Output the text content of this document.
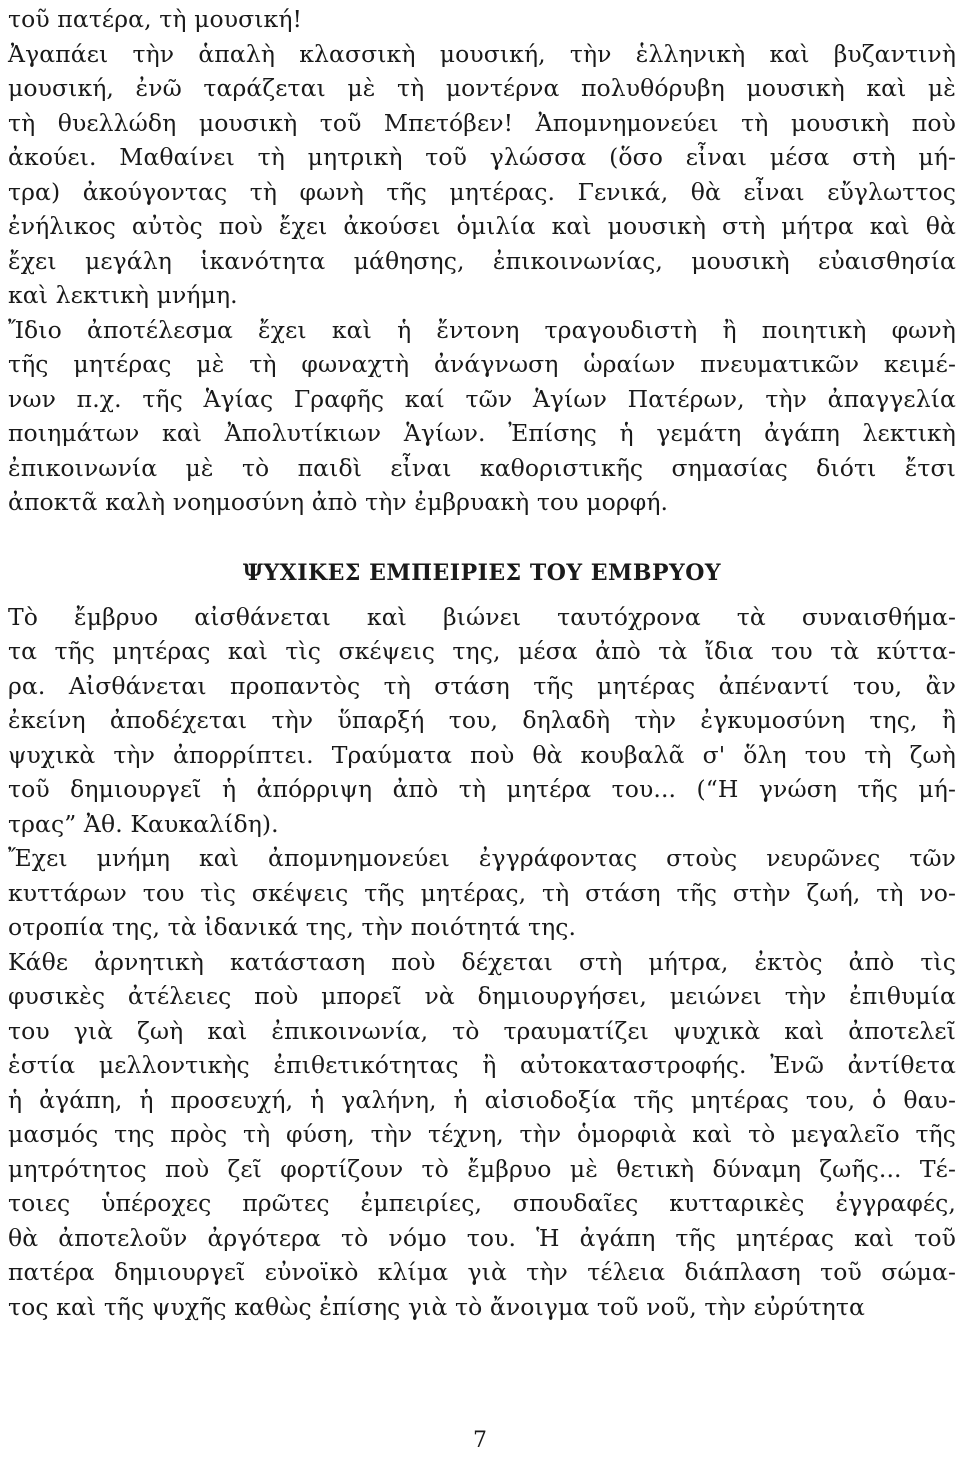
τοῦ πατέρα, τὴ μουσική!
Ἀγαπάει τὴν ἁπαλὴ κλασσικὴ μουσική, τὴν ἑλληνικὴ καὶ βυζαντινὴ
μουσική, ἐνῶ ταράζεται μὲ τὴ μοντέρνα πολυθόρυβη μουσικὴ καὶ μὲ
τὴ θυελλώδη μουσικὴ τοῦ Μπετόβεν! Ἀπομνημονεύει τὴ μουσικὴ ποὺ
ἀκούει. Μαθαίνει τὴ μητρικὴ τοῦ γλώσσα (ὅσο εἶναι μέσα στὴ μή-
τρα) ἀκούγοντας τὴ φωνὴ τῆς μητέρας. Γενικά, θὰ εἶναι εὔγλωττος
ἐνήλικος αὐτὸς ποὺ ἔχει ἀκούσει ὁμιλία καὶ μουσικὴ στὴ μήτρα καὶ θὰ
ἔχει μεγάλη ἱκανότητα μάθησης, ἐπικοινωνίας, μουσικὴ εὐαισθησία
καὶ λεκτικὴ μνήμη.
Ἴδιο ἀποτέλεσμα ἔχει καὶ ἡ ἔντονη τραγουδιστὴ ἢ ποιητικὴ φωνὴ
τῆς μητέρας μὲ τὴ φωναχτὴ ἀνάγνωση ὡραίων πνευματικῶν κειμέ-
νων π.χ. τῆς Ἁγίας Γραφῆς καί τῶν Ἁγίων Πατέρων, τὴν ἀπαγγελία
ποιημάτων καὶ Ἀπολυτίκιων Ἁγίων. Ἐπίσης ἡ γεμάτη ἀγάπη λεκτικὴ
ἐπικοινωνία μὲ τὸ παιδὶ εἶναι καθοριστικῆς σημασίας διότι ἔτσι
ἀποκτᾶ καλὴ νοημοσύνη ἀπὸ τὴν ἐμβρυακὴ του μορφή.
ΨΥΧΙΚΕΣ ΕΜΠΕΙΡΙΕΣ ΤΟΥ ΕΜΒΡΥΟΥ
Τὸ ἔμβρυο αἰσθάνεται καὶ βιώνει ταυτόχρονα τὰ συναισθήμα-
τα τῆς μητέρας καὶ τὶς σκέψεις της, μέσα ἀπὸ τὰ ἴδια του τὰ κύττα-
ρα. Αἰσθάνεται προπαντὸς τὴ στάση τῆς μητέρας ἀπέναντί του, ἂν
ἐκείνη ἀποδέχεται τὴν ὕπαρξή του, δηλαδὴ τὴν ἐγκυμοσύνη της, ἢ
ψυχικὰ τὴν ἀπορρίπτει. Τραύματα ποὺ θὰ κουβαλᾶ σ' ὅλη του τὴ ζωὴ
τοῦ δημιουργεῖ ἡ ἀπόρριψη ἀπὸ τὴ μητέρα του... (“Η γνώση τῆς μή-
τρας” Ἀθ. Καυκαλίδη).
Ἔχει μνήμη καὶ ἀπομνημονεύει ἐγγράφοντας στοὺς νευρῶνες τῶν
κυττάρων του τὶς σκέψεις τῆς μητέρας, τὴ στάση τῆς στὴν ζωή, τὴ νο-
οτροπία της, τὰ ἰδανικά της, τὴν ποιότητά της.
Κάθε ἀρνητικὴ κατάσταση ποὺ δέχεται στὴ μήτρα, ἐκτὸς ἀπὸ τὶς
φυσικὲς ἀτέλειες ποὺ μπορεῖ νὰ δημιουργήσει, μειώνει τὴν ἐπιθυμία
του γιὰ ζωὴ καὶ ἐπικοινωνία, τὸ τραυματίζει ψυχικὰ καὶ ἀποτελεῖ
ἑστία μελλοντικὴς ἐπιθετικότητας ἢ αὐτοκαταστροφής. Ἐνῶ ἀντίθετα
ἡ ἀγάπη, ἡ προσευχή, ἡ γαλήνη, ἡ αἰσιοδοξία τῆς μητέρας του, ὁ θαυ-
μασμός της πρὸς τὴ φύση, τὴν τέχνη, τὴν ὁμορφιὰ καὶ τὸ μεγαλεῖο τῆς
μητρότητος ποὺ ζεῖ φορτίζουν τὸ ἔμβρυο μὲ θετικὴ δύναμη ζωῆς... Τέ-
τοιες ὑπέροχες πρῶτες ἐμπειρίες, σπουδαῖες κυτταρικὲς ἐγγραφές,
θὰ ἀποτελοῦν ἀργότερα τὸ νόμο του. Ἡ ἀγάπη τῆς μητέρας καὶ τοῦ
πατέρα δημιουργεῖ εὐνοϊκὸ κλίμα γιὰ τὴν τέλεια διάπλαση τοῦ σώμα-
τος καὶ τῆς ψυχῆς καθὼς ἐπίσης γιὰ τὸ ἄνοιγμα τοῦ νοῦ, τὴν εὐρύτητα
7
